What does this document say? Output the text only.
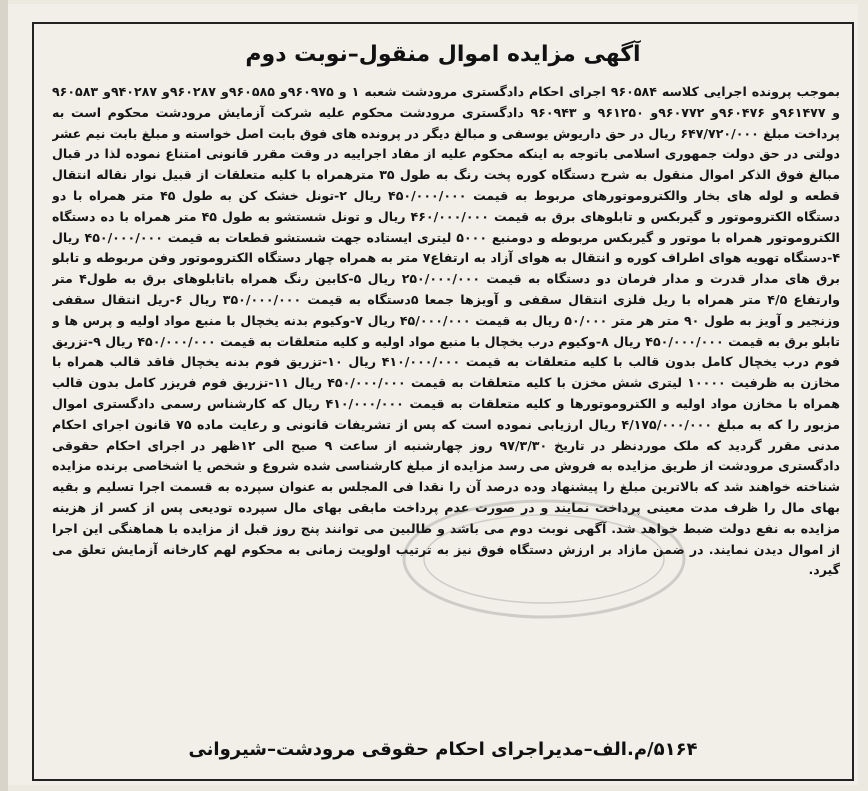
آگهی مزایده اموال منقول–نوبت دوم
بموجب پرونده اجرایی کلاسه ۹۶۰۵۸۴ اجرای احکام دادگستری مرودشت شعبه ۱ و ۹۶۰۹۷۵و ۹۶۰۵۸۵و ۹۶۰۲۸۷و ۹۴۰۲۸۷و ۹۶۰۵۸۳ و ۹۶۱۴۷۷و ۹۶۰۴۷۶و ۹۶۰۷۷۲و ۹۶۱۲۵۰ و ۹۶۰۹۴۳ دادگستری مرودشت محکوم علیه شرکت آزمایش مرودشت محکوم است به پرداخت مبلغ ۶۴۷/۷۲۰/۰۰۰ ریال در حق داریوش یوسفی و مبالغ دیگر در پرونده های فوق بابت اصل خواسته و مبلغ بابت نیم عشر دولتی در حق دولت جمهوری اسلامی باتوجه به اینکه محکوم علیه از مفاد اجراییه در وقت مقرر قانونی امتناع نموده لذا در قبال مبالغ فوق الذکر اموال منقول به شرح دستگاه کوره پخت رنگ به طول ۳۵ مترهمراه با کلیه متعلقات از قبیل نوار نقاله انتقال قطعه و لوله های بخار والکتروموتورهای مربوط به قیمت ۴۵۰/۰۰۰/۰۰۰ ریال ۲-تونل خشک کن به طول ۴۵ متر همراه با دو دستگاه الکتروموتور و گیربکس و تابلوهای برق به قیمت ۴۶۰/۰۰۰/۰۰۰ ریال و تونل شستشو به طول ۴۵ متر همراه با ده دستگاه الکتروموتور همراه با موتور و گیربکس مربوطه و دومنبع ۵۰۰۰ لیتری ایستاده جهت شستشو قطعات به قیمت ۴۵۰/۰۰۰/۰۰۰ ریال ۴-دستگاه تهویه هوای اطراف کوره و انتقال به هوای آزاد به ارتفاع۷ متر به همراه چهار دستگاه الکتروموتور وفن مربوطه و تابلو برق های مدار قدرت و مدار فرمان دو دستگاه به قیمت ۲۵۰/۰۰۰/۰۰۰ ریال ۵-کابین رنگ همراه باتابلوهای برق به طول۴ متر وارتفاع ۴/۵ متر همراه با ریل فلزی انتقال سقفی و آویزها جمعا ۵دستگاه به قیمت ۳۵۰/۰۰۰/۰۰۰ ریال ۶-ریل انتقال سقفی وزنجیر و آویز به طول ۹۰ متر هر متر ۵۰/۰۰۰ ریال به قیمت ۴۵/۰۰۰/۰۰۰ ریال ۷-وکیوم بدنه یخچال با منبع مواد اولیه و پرس ها و تابلو برق به قیمت ۴۵۰/۰۰۰/۰۰۰ ریال ۸-وکیوم درب یخچال با منبع مواد اولیه و کلیه متعلقات به قیمت ۴۵۰/۰۰۰/۰۰۰ ریال ۹-تزریق فوم درب یخچال کامل بدون قالب با کلیه متعلقات به قیمت ۴۱۰/۰۰۰/۰۰۰ ریال ۱۰-تزریق فوم بدنه یخچال فاقد قالب همراه با مخازن به ظرفیت ۱۰۰۰۰ لیتری شش مخزن با کلیه متعلقات به قیمت ۴۵۰/۰۰۰/۰۰۰ ریال ۱۱-تزریق فوم فریزر کامل بدون قالب همراه با مخازن مواد اولیه و الکتروموتورها و کلیه متعلقات به قیمت ۴۱۰/۰۰۰/۰۰۰ ریال که کارشناس رسمی دادگستری اموال مزبور را که به مبلغ ۴/۱۷۵/۰۰۰/۰۰۰ ریال ارزیابی نموده است که پس از تشریفات قانونی و رعایت ماده ۷۵ قانون اجرای احکام مدنی مقرر گردید که ملک موردنظر در تاریخ ۹۷/۳/۳۰ روز چهارشنبه از ساعت ۹ صبح الی ۱۲ظهر در اجرای احکام حقوقی دادگستری مرودشت از طریق مزایده به فروش می رسد مزایده از مبلغ کارشناسی شده شروع و شخص یا اشخاصی برنده مزایده شناخته خواهند شد که بالاترین مبلغ را پیشنهاد وده درصد آن را نقدا فی المجلس به عنوان سپرده به قسمت اجرا تسلیم و بقیه بهای مال را ظرف مدت معینی پرداخت نمایند و در صورت عدم پرداخت مابقی بهای مال سپرده تودیعی پس از کسر از هزینه مزایده به نفع دولت ضبط خواهد شد. آگهی نوبت دوم می باشد و طالبین می توانند پنج روز قبل از مزایده با هماهنگی این اجرا از اموال دیدن نمایند. در ضمن مازاد بر ارزش دستگاه فوق نیز به ترتیب اولویت زمانی به محکوم لهم کارخانه آزمایش تعلق می گیرد.
۵۱۶۴/م.الف–مدیراجرای احکام حقوقی مرودشت–شیروانی
